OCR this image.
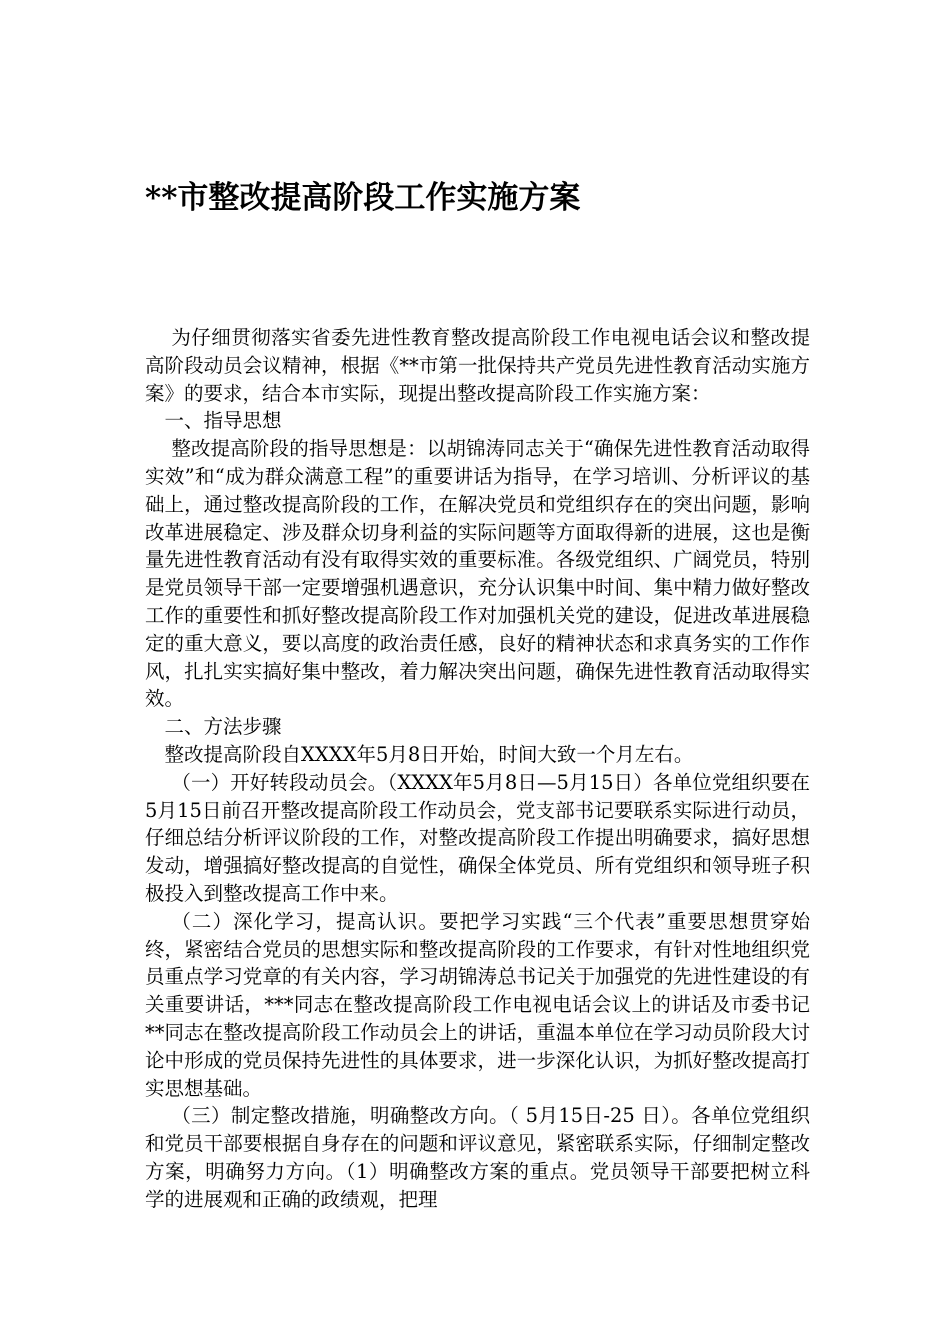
**市整改提高阶段工作实施方案

为仔细贯彻落实省委先进性教育整改提高阶段工作电视电话会议和整改提高阶段动员会议精神，根据《**市第一批保持共产党员先进性教育活动实施方案》的要求，结合本市实际，现提出整改提高阶段工作实施方案：

一、指导思想

整改提高阶段的指导思想是：以胡锦涛同志关于“确保先进性教育活动取得实效”和“成为群众满意工程”的重要讲话为指导，在学习培训、分析评议的基础上，通过整改提高阶段的工作，在解决党员和党组织存在的突出问题，影响改革进展稳定、涉及群众切身利益的实际问题等方面取得新的进展，这也是衡量先进性教育活动有没有取得实效的重要标准。各级党组织、广阔党员，特别是党员领导干部一定要增强机遇意识，充分认识集中时间、集中精力做好整改工作的重要性和抓好整改提高阶段工作对加强机关党的建设，促进改革进展稳定的重大意义，要以高度的政治责任感，良好的精神状态和求真务实的工作作风，扎扎实实搞好集中整改，着力解决突出问题，确保先进性教育活动取得实效。

二、方法步骤

整改提高阶段自XXXX年5月8日开始，时间大致一个月左右。

（一）开好转段动员会。（XXXX年5月8日—5月15日）各单位党组织要在5月15日前召开整改提高阶段工作动员会，党支部书记要联系实际进行动员，仔细总结分析评议阶段的工作，对整改提高阶段工作提出明确要求，搞好思想发动，增强搞好整改提高的自觉性，确保全体党员、所有党组织和领导班子积极投入到整改提高工作中来。

（二）深化学习，提高认识。要把学习实践“三个代表”重要思想贯穿始终，紧密结合党员的思想实际和整改提高阶段的工作要求，有针对性地组织党员重点学习党章的有关内容，学习胡锦涛总书记关于加强党的先进性建设的有关重要讲话，***同志在整改提高阶段工作电视电话会议上的讲话及市委书记**同志在整改提高阶段工作动员会上的讲话，重温本单位在学习动员阶段大讨论中形成的党员保持先进性的具体要求，进一步深化认识，为抓好整改提高打实思想基础。

（三）制定整改措施，明确整改方向。（ 5月15日-25 日）。各单位党组织和党员干部要根据自身存在的问题和评议意见，紧密联系实际，仔细制定整改方案，明确努力方向。（1）明确整改方案的重点。党员领导干部要把树立科学的进展观和正确的政绩观，把理
